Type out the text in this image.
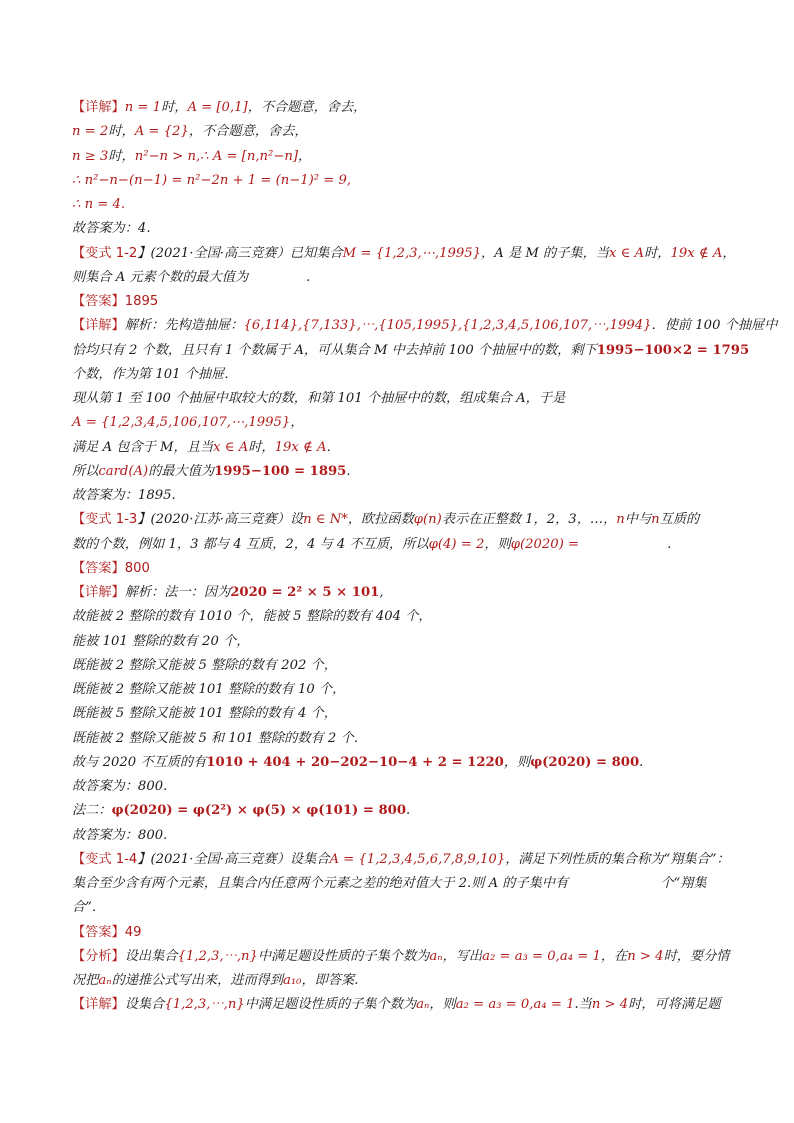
【详解】n = 1时，A = [0,1]，不合题意，舍去，
n = 2时，A = {2}，不合题意，舍去，
n ≥ 3时，n²−n > n,∴ A = [n,n²−n]，
∴ n²−n−(n−1) = n²−2n + 1 = (n−1)² = 9,
∴ n = 4.
故答案为：4.
【变式 1-2】(2021·全国·高三竞赛）已知集合M = {1,2,3,⋯,1995}，A 是 M 的子集，当x ∈ A时，19x ∉ A，
则集合 A 元素个数的最大值为	.
【答案】1895
【详解】解析：先构造抽屉：{6,114},{7,133},⋯,{105,1995},{1,2,3,4,5,106,107,⋯,1994}．使前 100 个抽屉中
恰均只有 2 个数，且只有 1 个数属于 A，可从集合 M 中去掉前 100 个抽屉中的数，剩下1995−100×2 = 1795
个数，作为第 101 个抽屉．
现从第 1 至 100 个抽屉中取较大的数，和第 101 个抽屉中的数，组成集合 A，于是
A = {1,2,3,4,5,106,107,⋯,1995}，
满足 A 包含于 M，且当x ∈ A时，19x ∉ A．
所以card(A)的最大值为1995−100 = 1895.
故答案为：1895.
【变式 1-3】(2020·江苏·高三竞赛）设n ∈ N*，欧拉函数φ(n)表示在正整数 1，2，3，…，n中与n互质的
数的个数，例如 1，3 都与 4 互质，2，4 与 4 不互质，所以φ(4) = 2，则φ(2020) =	.
【答案】800
【详解】解析：法一：因为2020 = 2² × 5 × 101,
故能被 2 整除的数有 1010 个，能被 5 整除的数有 404 个，
能被 101 整除的数有 20 个，
既能被 2 整除又能被 5 整除的数有 202 个，
既能被 2 整除又能被 101 整除的数有 10 个，
既能被 5 整除又能被 101 整除的数有 4 个，
既能被 2 整除又能被 5 和 101 整除的数有 2 个．
故与 2020 不互质的有1010 + 404 + 20−202−10−4 + 2 = 1220，则φ(2020) = 800.
故答案为：800.
法二：φ(2020) = φ(2²) × φ(5) × φ(101) = 800.
故答案为：800.
【变式 1-4】(2021·全国·高三竞赛）设集合A = {1,2,3,4,5,6,7,8,9,10}，满足下列性质的集合称为“翔集合”：
集合至少含有两个元素，且集合内任意两个元素之差的绝对值大于 2.则 A 的子集中有	个“翔集
合”．
【答案】49
【分析】设出集合{1,2,3,⋯,n}中满足题设性质的子集个数为aₙ，写出a₂ = a₃ = 0,a₄ = 1，在n > 4时，要分情
况把aₙ的递推公式写出来，进而得到a₁₀，即答案.
【详解】设集合{1,2,3,⋯,n}中满足题设性质的子集个数为aₙ，则a₂ = a₃ = 0,a₄ = 1.当n > 4时，可将满足题
